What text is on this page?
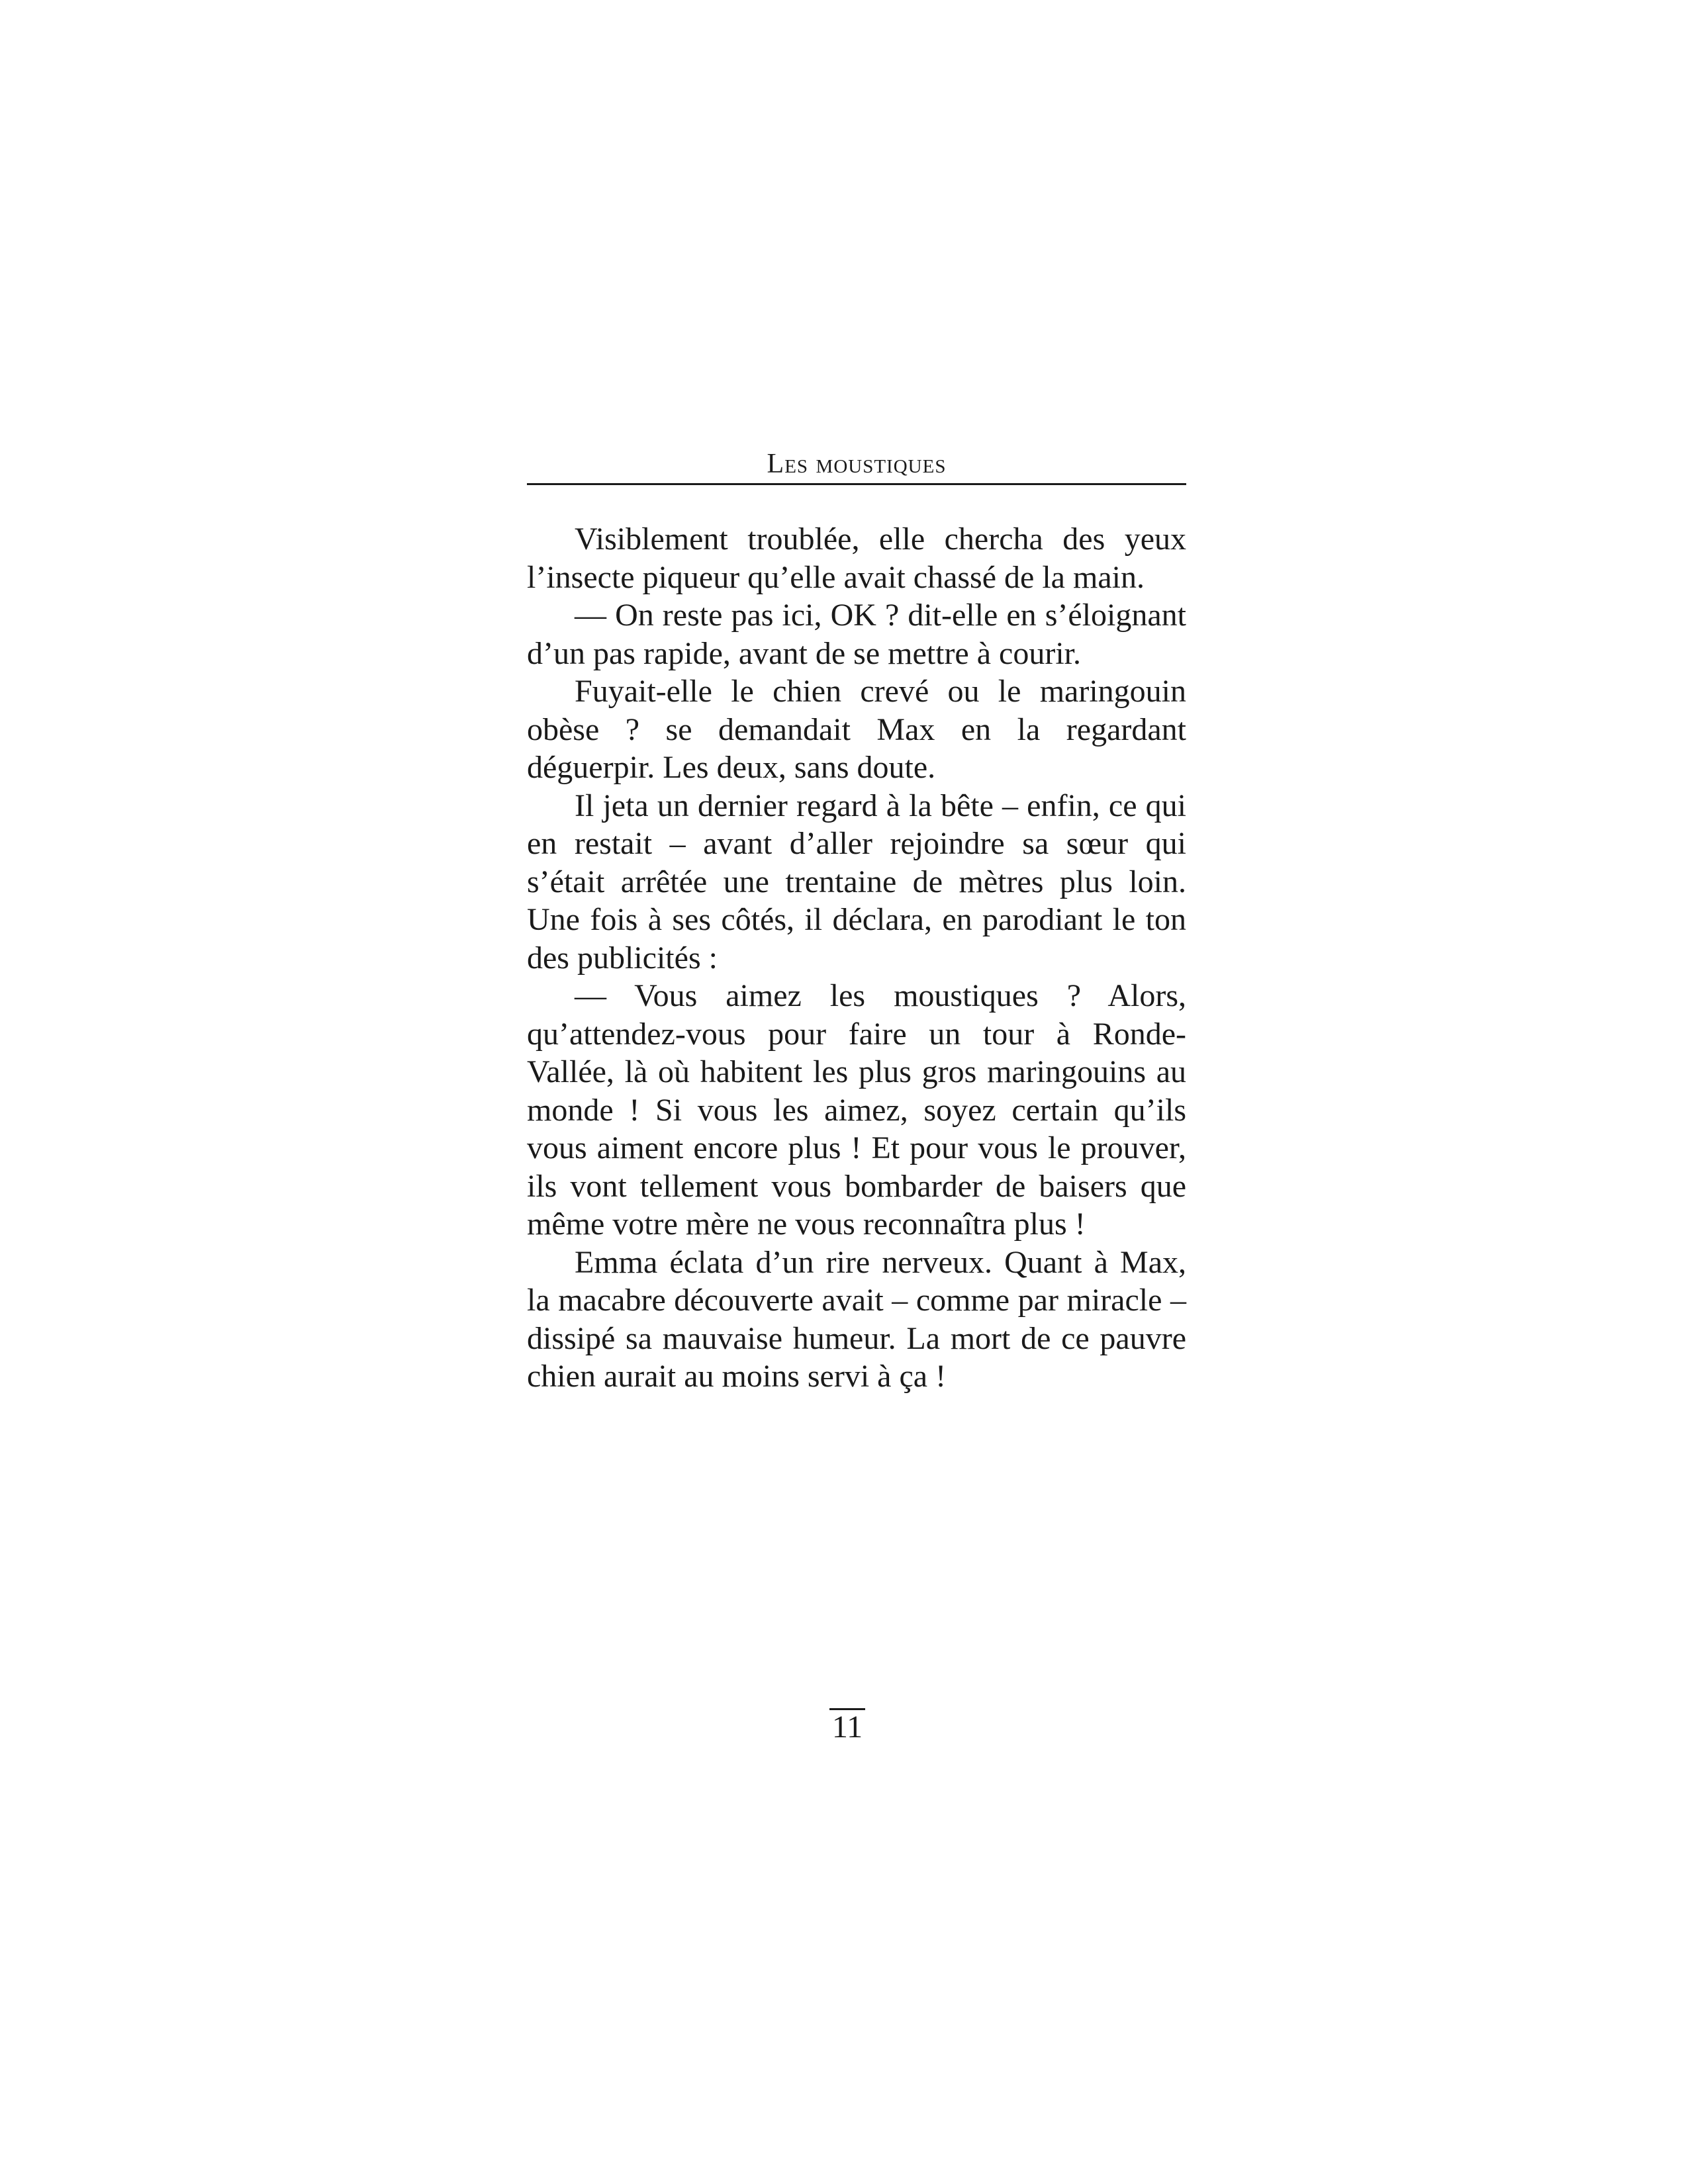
Les moustiques

Visiblement troublée, elle chercha des yeux l’insecte piqueur qu’elle avait chassé de la main.

— On reste pas ici, OK ? dit-elle en s’éloignant d’un pas rapide, avant de se mettre à courir.

Fuyait-elle le chien crevé ou le maringouin obèse ? se demandait Max en la regardant déguerpir. Les deux, sans doute.

Il jeta un dernier regard à la bête – enfin, ce qui en restait – avant d’aller rejoindre sa sœur qui s’était arrêtée une trentaine de mètres plus loin. Une fois à ses côtés, il déclara, en parodiant le ton des publicités :

— Vous aimez les moustiques ? Alors, qu’attendez-vous pour faire un tour à Ronde-Vallée, là où habitent les plus gros maringouins au monde ! Si vous les aimez, soyez certain qu’ils vous aiment encore plus ! Et pour vous le prouver, ils vont tellement vous bombarder de baisers que même votre mère ne vous reconnaîtra plus !

Emma éclata d’un rire nerveux. Quant à Max, la macabre découverte avait – comme par miracle – dissipé sa mauvaise humeur. La mort de ce pauvre chien aurait au moins servi à ça !

11
